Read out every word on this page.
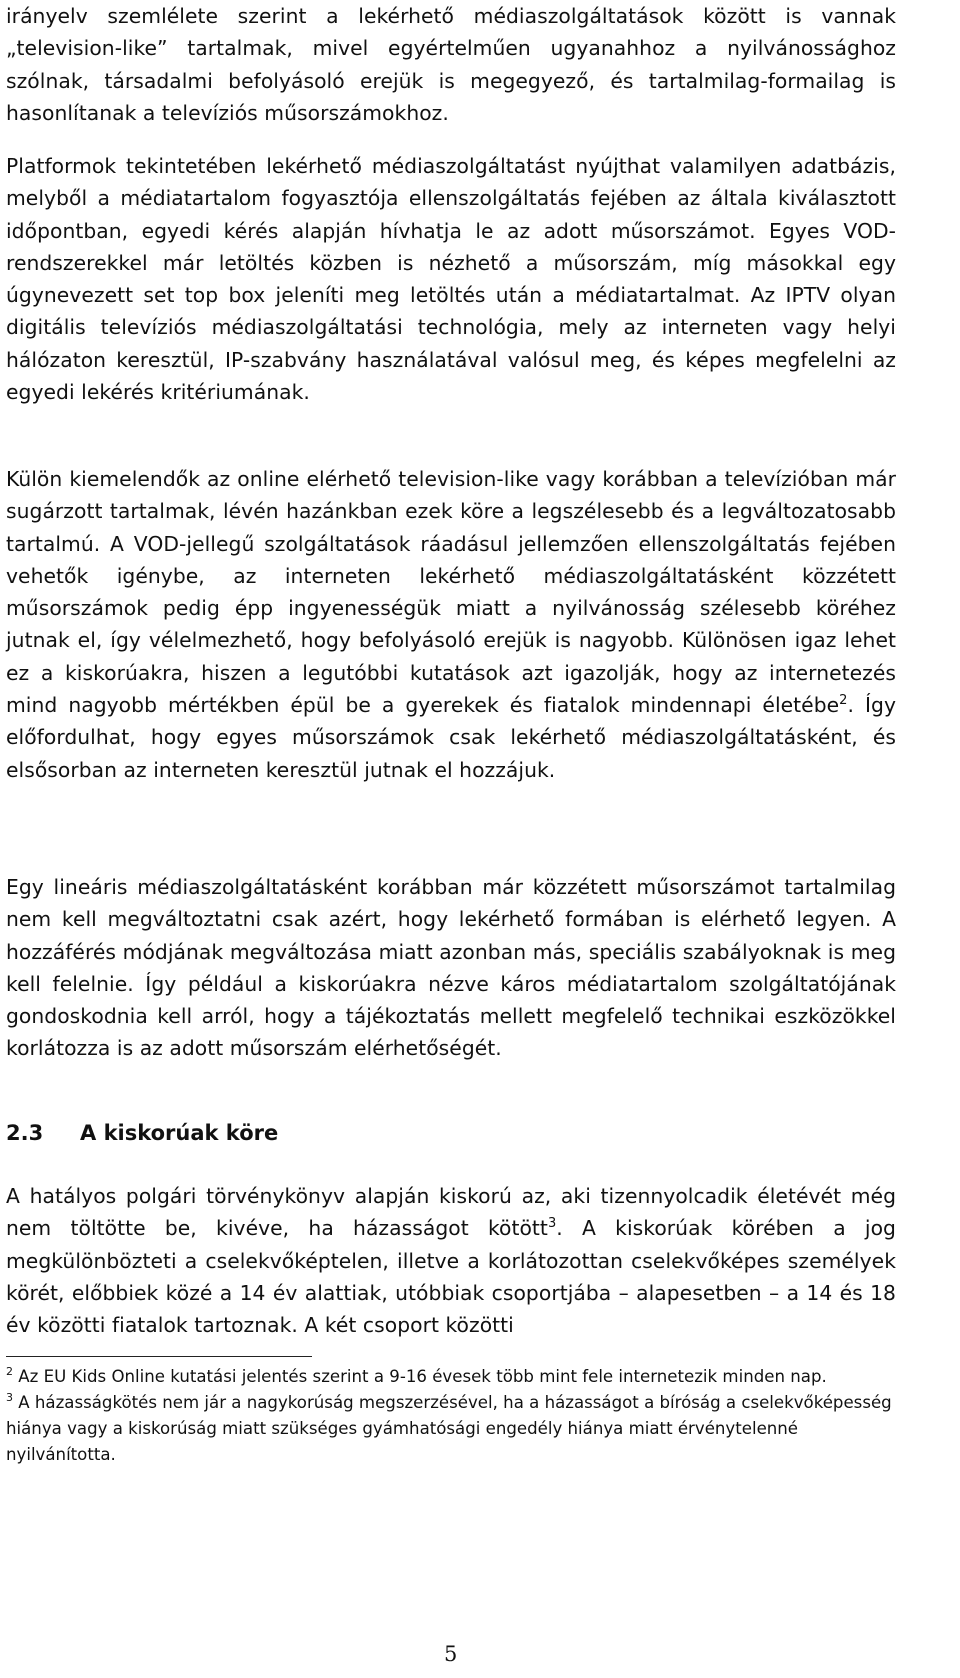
irányelv szemlélete szerint a lekérhető médiaszolgáltatások között is vannak „television-like” tartalmak, mivel egyértelműen ugyanahhoz a nyilvánossághoz szólnak, társadalmi befolyásoló erejük is megegyező, és tartalmilag-formailag is hasonlítanak a televíziós műsorszámokhoz.

Platformok tekintetében lekérhető médiaszolgáltatást nyújthat valamilyen adatbázis, melyből a médiatartalom fogyasztója ellenszolgáltatás fejében az általa kiválasztott időpontban, egyedi kérés alapján hívhatja le az adott műsorszámot. Egyes VOD-rendszerekkel már letöltés közben is nézhető a műsorszám, míg másokkal egy úgynevezett set top box jeleníti meg letöltés után a médiatartalmat. Az IPTV olyan digitális televíziós médiaszolgáltatási technológia, mely az interneten vagy helyi hálózaton keresztül, IP-szabvány használatával valósul meg, és képes megfelelni az egyedi lekérés kritériumának.

Külön kiemelendők az online elérhető television-like vagy korábban a televízióban már sugárzott tartalmak, lévén hazánkban ezek köre a legszélesebb és a legváltozatosabb tartalmú. A VOD-jellegű szolgáltatások ráadásul jellemzően ellenszolgáltatás fejében vehetők igénybe, az interneten lekérhető médiaszolgáltatásként közzétett műsorszámok pedig épp ingyenességük miatt a nyilvánosság szélesebb köréhez jutnak el, így vélelmezhető, hogy befolyásoló erejük is nagyobb. Különösen igaz lehet ez a kiskorúakra, hiszen a legutóbbi kutatások azt igazolják, hogy az internetezés mind nagyobb mértékben épül be a gyerekek és fiatalok mindennapi életébe$^2$. Így előfordulhat, hogy egyes műsorszámok csak lekérhető médiaszolgáltatásként, és elsősorban az interneten keresztül jutnak el hozzájuk.

Egy lineáris médiaszolgáltatásként korábban már közzétett műsorszámot tartalmilag nem kell megváltoztatni csak azért, hogy lekérhető formában is elérhető legyen. A hozzáférés módjának megváltozása miatt azonban más, speciális szabályoknak is meg kell felelnie. Így például a kiskorúakra nézve káros médiatartalom szolgáltatójának gondoskodnia kell arról, hogy a tájékoztatás mellett megfelelő technikai eszközökkel korlátozza is az adott műsorszám elérhetőségét.

2.3 A kiskorúak köre

A hatályos polgári törvénykönyv alapján kiskorú az, aki tizennyolcadik életévét még nem töltötte be, kivéve, ha házasságot kötött$^3$. A kiskorúak körében a jog megkülönbözteti a cselekvőképtelen, illetve a korlátozottan cselekvőképes személyek körét, előbbiek közé a 14 év alattiak, utóbbiak csoportjába – alapesetben – a 14 és 18 év közötti fiatalok tartoznak. A két csoport közötti

$^2$ Az EU Kids Online kutatási jelentés szerint a 9-16 évesek több mint fele internetezik minden nap.

$^3$ A házasságkötés nem jár a nagykorúság megszerzésével, ha a házasságot a bíróság a cselekvőképesség hiánya vagy a kiskorúság miatt szükséges gyámhatósági engedély hiánya miatt érvénytelenné nyilvánította.

5
